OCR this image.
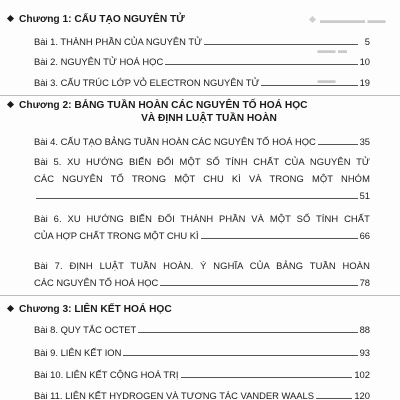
▬▬▬▬▬ ▬▬
▬▬ ▬
▬▬
Chương 1: CẤU TẠO NGUYÊN TỬ
Bài 1. THÀNH PHẦN CỦA NGUYÊN TỬ	5
Bài 2. NGUYÊN TỬ HOÁ HỌC	10
Bài 3. CẤU TRÚC LỚP VỎ ELECTRON NGUYÊN TỬ	19
Chương 2: BẢNG TUẦN HOÀN CÁC NGUYÊN TỐ HOÁ HỌC
VÀ ĐỊNH LUẬT TUẦN HOÀN
Bài 4. CẤU TẠO BẢNG TUẦN HOÀN CÁC NGUYÊN TỐ HOÁ HỌC	35
Bài 5. XU HƯỚNG BIẾN ĐỔI MỘT SỐ TÍNH CHẤT CỦA NGUYÊN TỬ
CÁC NGUYÊN TỐ TRONG MỘT CHU KÌ VÀ TRONG MỘT NHÓM
51
Bài 6. XU HƯỚNG BIẾN ĐỔI THÀNH PHẦN VÀ MỘT SỐ TÍNH CHẤT
CỦA HỢP CHẤT TRONG MỘT CHU KÌ	66
Bài 7. ĐỊNH LUẬT TUẦN HOÀN. Ý NGHĨA CỦA BẢNG TUẦN HOÀN
CÁC NGUYÊN TỐ HOÁ HỌC	78
Chương 3: LIÊN KẾT HOÁ HỌC
Bài 8. QUY TẮC OCTET	88
Bài 9. LIÊN KẾT ION	93
Bài 10. LIÊN KẾT CỘNG HOÁ TRỊ	102
Bài 11. LIÊN KẾT HYDROGEN VÀ TƯƠNG TÁC VANDER WAALS	120
